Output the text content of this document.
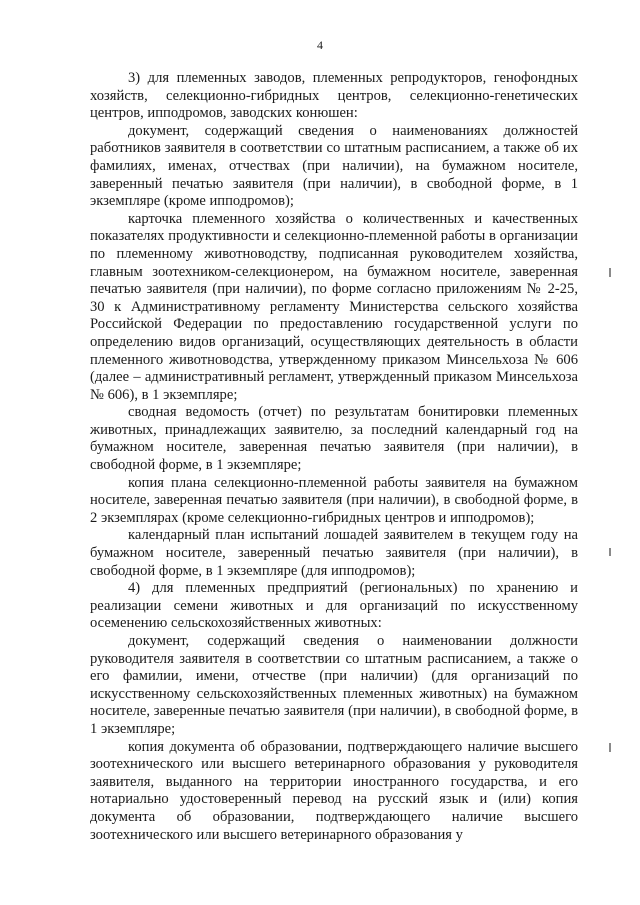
4

3) для племенных заводов, племенных репродукторов, генофондных хозяйств, селекционно-гибридных центров, селекционно-генетических центров, ипподромов, заводских конюшен:

документ, содержащий сведения о наименованиях должностей работников заявителя в соответствии со штатным расписанием, а также об их фамилиях, именах, отчествах (при наличии), на бумажном носителе, заверенный печатью заявителя (при наличии), в свободной форме, в 1 экземпляре (кроме ипподромов);

карточка племенного хозяйства о количественных и качественных показателях продуктивности и селекционно-племенной работы в организации по племенному животноводству, подписанная руководителем хозяйства, главным зоотехником-селекционером, на бумажном носителе, заверенная печатью заявителя (при наличии), по форме согласно приложениям № 2-25, 30 к Административному регламенту Министерства сельского хозяйства Российской Федерации по предоставлению государственной услуги по определению видов организаций, осуществляющих деятельность в области племенного животноводства, утвержденному приказом Минсельхоза № 606 (далее – административный регламент, утвержденный приказом Минсельхоза № 606), в 1 экземпляре;

сводная ведомость (отчет) по результатам бонитировки племенных животных, принадлежащих заявителю, за последний календарный год на бумажном носителе, заверенная печатью заявителя (при наличии), в свободной форме, в 1 экземпляре;

копия плана селекционно-племенной работы заявителя на бумажном носителе, заверенная печатью заявителя (при наличии), в свободной форме, в 2 экземплярах (кроме селекционно-гибридных центров и ипподромов);

календарный план испытаний лошадей заявителем в текущем году на бумажном носителе, заверенный печатью заявителя (при наличии), в свободной форме, в 1 экземпляре (для ипподромов);

4) для племенных предприятий (региональных) по хранению и реализации семени животных и для организаций по искусственному осеменению сельскохозяйственных животных:

документ, содержащий сведения о наименовании должности руководителя заявителя в соответствии со штатным расписанием, а также о его фамилии, имени, отчестве (при наличии) (для организаций по искусственному сельскохозяйственных племенных животных) на бумажном носителе, заверенные печатью заявителя (при наличии), в свободной форме, в 1 экземпляре;

копия документа об образовании, подтверждающего наличие высшего зоотехнического или высшего ветеринарного образования у руководителя заявителя, выданного на территории иностранного государства, и его нотариально удостоверенный перевод на русский язык и (или) копия документа об образовании, подтверждающего наличие высшего зоотехнического или высшего ветеринарного образования у
